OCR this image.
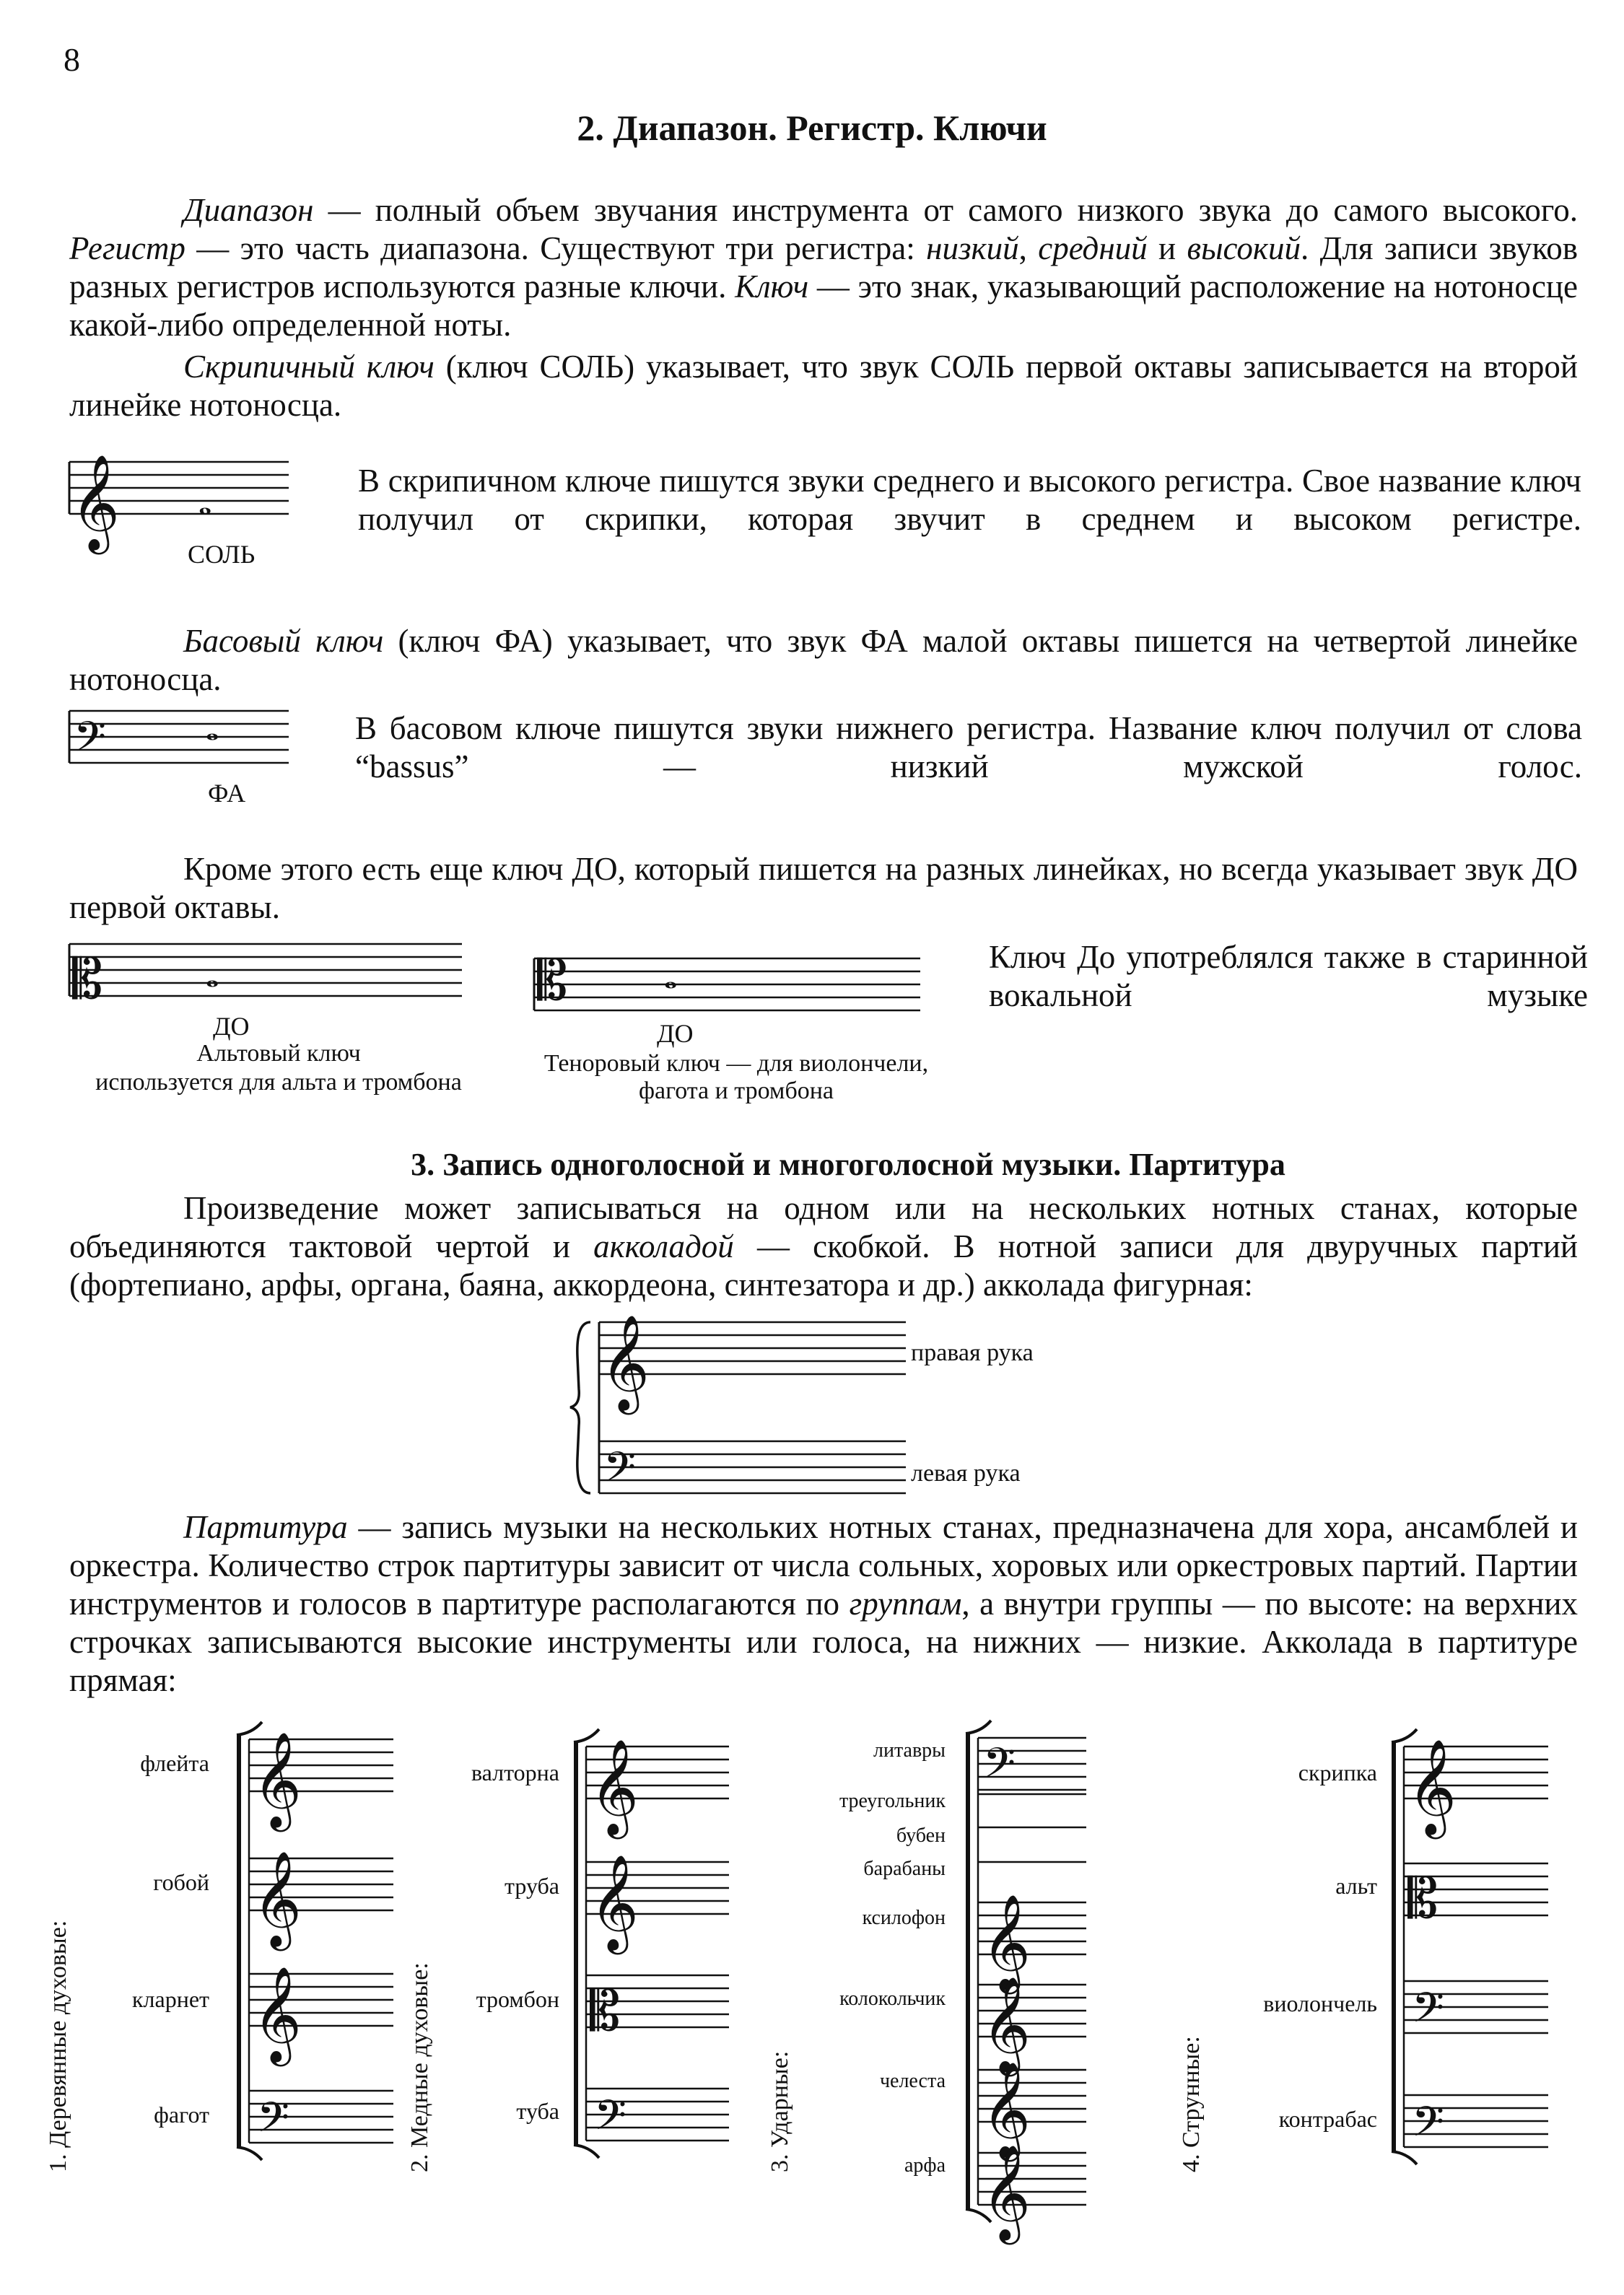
8
2. Диапазон. Регистр. Ключи
Диапазон — полный объем звучания инструмента от самого низкого звука до самого высокого. Регистр — это часть диапазона. Существуют три регистра: низкий, средний и высокий. Для записи звуков разных регистров используются разные ключи. Ключ — это знак, указывающий расположение на нотоносце какой-либо определенной ноты.
Скрипичный ключ (ключ СОЛЬ) указывает, что звук СОЛЬ первой октавы записывается на второй линейке нотоносца.
В скрипичном ключе пишутся звуки среднего и высокого регистра. Свое название ключ получил от скрипки, которая звучит в среднем и высоком регистре.
СОЛЬ
Басовый ключ (ключ ФА) указывает, что звук ФА малой октавы пишется на четвертой линейке нотоносца.
В басовом ключе пишутся звуки нижнего регистра. Название ключ получил от слова “bassus” — низкий мужской голос.
ФА
Кроме этого есть еще ключ ДО, который пишется на разных линейках, но всегда указывает звук ДО первой октавы.
ДО
Альтовый ключ
используется для альта и тромбона
ДО
Теноровый ключ — для виолончели,
фагота и тромбона
Ключ До употреблялся также в старинной вокальной музыке
3. Запись одноголосной и многоголосной музыки. Партитура
Произведение может записываться на одном или на нескольких нотных станах, которые объединяются тактовой чертой и акколадой — скобкой. В нотной записи для двуручных партий (фортепиано, арфы, органа, баяна, аккордеона, синтезатора и др.) акколада фигурная:
правая рука
левая рука
Партитура — запись музыки на нескольких нотных станах, предназначена для хора, ансамблей и оркестра. Количество строк партитуры зависит от числа сольных, хоровых или оркестровых партий. Партии инструментов и голосов в партитуре располагаются по группам, а внутри группы — по высоте: на верхних строчках записываются высокие инструменты или голоса, на нижних — низкие. Акколада в партитуре прямая:
1. Деревянные духовые:	2. Медные духовые:	3. Ударные:	4. Струнные:
флейта
гобой
кларнет
фагот
валторна
труба
тромбон
туба
литавры
треугольник
бубен
барабаны
ксилофон
колокольчик
челеста
арфа
скрипка
альт
виолончель
контрабас
𝄞 𝅝
𝄢	𝅝
𝄡	𝅝	𝄡	𝅝
𝄞
𝄢
𝄞
𝄞
𝄞
𝄢
𝄞
𝄞
𝄡
𝄢
𝄢
𝄞
𝄞
𝄞
𝄞
𝄞
𝄡
𝄢
𝄢
